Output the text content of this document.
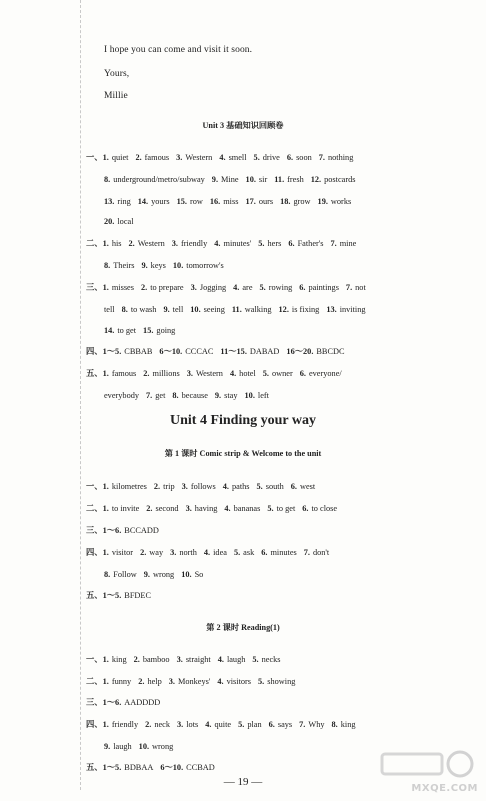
I hope you can come and visit it soon.
Yours,
Millie
Unit 3 基础知识回顾卷
一、1. quiet 2. famous 3. Western 4. smell 5. drive 6. soon 7. nothing
8. underground/metro/subway 9. Mine 10. sir 11. fresh 12. postcards
13. ring 14. yours 15. row 16. miss 17. ours 18. grow 19. works
20. local
二、1. his 2. Western 3. friendly 4. minutes' 5. hers 6. Father's 7. mine
8. Theirs 9. keys 10. tomorrow's
三、1. misses 2. to prepare 3. Jogging 4. are 5. rowing 6. paintings 7. not
tell 8. to wash 9. tell 10. seeing 11. walking 12. is fixing 13. inviting
14. to get 15. going
四、1～5. CBBAB 6～10. CCCAC 11～15. DABAD 16～20. BBCDC
五、1. famous 2. millions 3. Western 4. hotel 5. owner 6. everyone/
everybody 7. get 8. because 9. stay 10. left
Unit 4 Finding your way
第 1 课时 Comic strip & Welcome to the unit
一、1. kilometres 2. trip 3. follows 4. paths 5. south 6. west
二、1. to invite 2. second 3. having 4. bananas 5. to get 6. to close
三、1～6. BCCADD
四、1. visitor 2. way 3. north 4. idea 5. ask 6. minutes 7. don't
8. Follow 9. wrong 10. So
五、1～5. BFDEC
第 2 课时 Reading(1)
一、1. king 2. bamboo 3. straight 4. laugh 5. necks
二、1. funny 2. help 3. Monkeys' 4. visitors 5. showing
三、1～6. AADDDD
四、1. friendly 2. neck 3. lots 4. quite 5. plan 6. says 7. Why 8. king
9. laugh 10. wrong
五、1～5. BDBAA 6～10. CCBAD
— 19 —
MXQE.COM
